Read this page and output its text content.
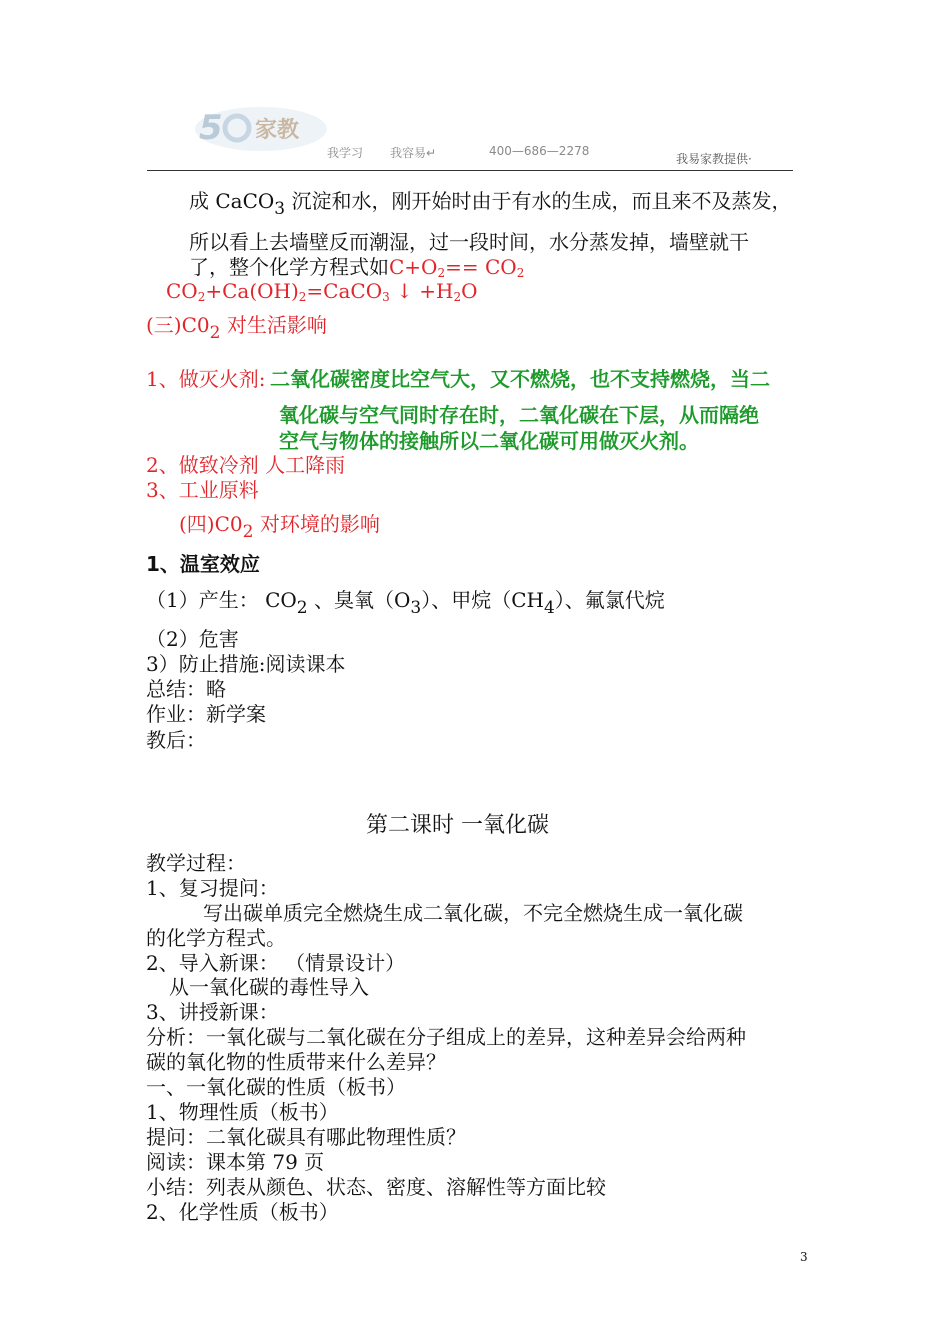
5 家教
我学习 我容易↵	400—686—2278
我易家教提供·
成 CaCO$_3$ 沉淀和水，刚开始时由于有水的生成，而且来不及蒸发，
所以看上去墙壁反而潮湿，过一段时间，水分蒸发掉，墙壁就干
了，整个化学方程式如$C+O_2== CO_2$
$CO_2+Ca(OH)_2=CaCO_3$ ↓ $+H_2O$
(三)$C0_2$ 对生活影响
1、做灭火剂: 二氧化碳密度比空气大，又不燃烧，也不支持燃烧，当二
氧化碳与空气同时存在时，二氧化碳在下层，从而隔绝
空气与物体的接触所以二氧化碳可用做灭火剂。
2、做致冷剂 人工降雨
3、工业原料
(四)$C0_2$ 对环境的影响
1、温室效应
（1）产生： $CO_2$ 、臭氧$(O_3)$、甲烷$(CH_4)$、氟氯代烷
（2）危害
3）防止措施:阅读课本
总结：略
作业：新学案
教后：
第二课时 一氧化碳
教学过程：
1、复习提问：
写出碳单质完全燃烧生成二氧化碳，不完全燃烧生成一氧化碳
的化学方程式。
2、导入新课： （情景设计）
从一氧化碳的毒性导入
3、讲授新课：
分析：一氧化碳与二氧化碳在分子组成上的差异，这种差异会给两种
碳的氧化物的性质带来什么差异？
一、一氧化碳的性质（板书）
1、物理性质（板书）
提问：二氧化碳具有哪此物理性质？
阅读：课本第 79 页
小结：列表从颜色、状态、密度、溶解性等方面比较
2、化学性质（板书）
3
